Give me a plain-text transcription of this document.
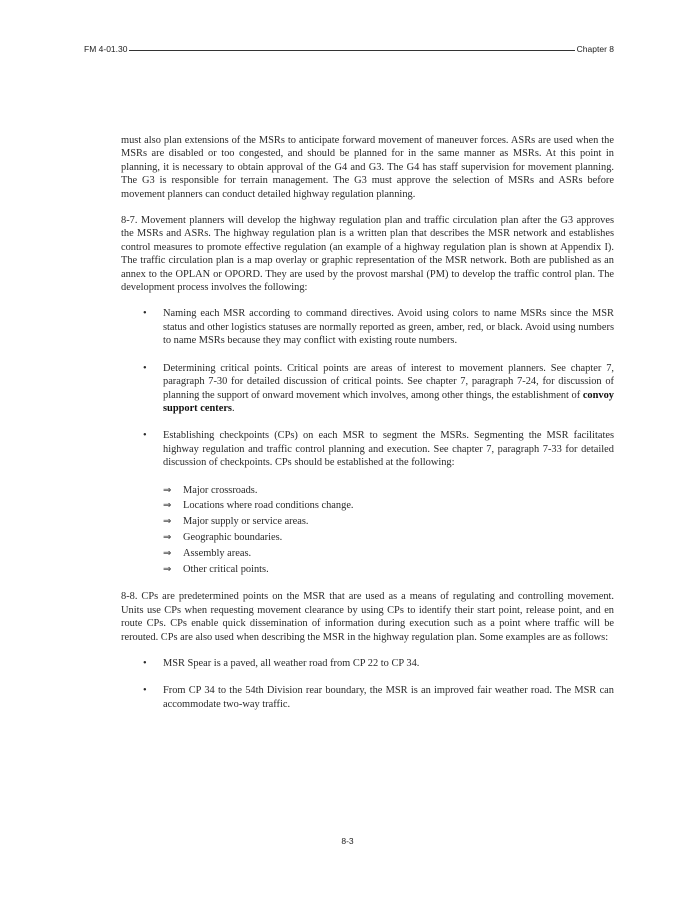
FM 4-01.30	Chapter 8

must also plan extensions of the MSRs to anticipate forward movement of maneuver forces. ASRs are used when the MSRs are disabled or too congested, and should be planned for in the same manner as MSRs. At this point in planning, it is necessary to obtain approval of the G4 and G3. The G4 has staff supervision for movement planning. The G3 is responsible for terrain management. The G3 must approve the selection of MSRs and ASRs before movement planners can conduct detailed highway regulation planning.

8-7. Movement planners will develop the highway regulation plan and traffic circulation plan after the G3 approves the MSRs and ASRs. The highway regulation plan is a written plan that describes the MSR network and establishes control measures to promote effective regulation (an example of a highway regulation plan is shown at Appendix I). The traffic circulation plan is a map overlay or graphic representation of the MSR network. Both are published as an annex to the OPLAN or OPORD. They are used by the provost marshal (PM) to develop the traffic control plan. The development process involves the following:

• Naming each MSR according to command directives. Avoid using colors to name MSRs since the MSR status and other logistics statuses are normally reported as green, amber, red, or black. Avoid using numbers to name MSRs because they may conflict with existing route numbers.
• Determining critical points. Critical points are areas of interest to movement planners. See chapter 7, paragraph 7-30 for detailed discussion of critical points. See chapter 7, paragraph 7-24, for discussion of planning the support of onward movement which involves, among other things, the establishment of convoy support centers.
• Establishing checkpoints (CPs) on each MSR to segment the MSRs. Segmenting the MSR facilitates highway regulation and traffic control planning and execution. See chapter 7, paragraph 7-33 for detailed discussion of checkpoints. CPs should be established at the following:
⇒	Major crossroads.
⇒	Locations where road conditions change.
⇒	Major supply or service areas.
⇒	Geographic boundaries.
⇒	Assembly areas.
⇒	Other critical points.

8-8. CPs are predetermined points on the MSR that are used as a means of regulating and controlling movement. Units use CPs when requesting movement clearance by using CPs to identify their start point, release point, and en route CPs. CPs enable quick dissemination of information during execution such as a point where traffic will be rerouted. CPs are also used when describing the MSR in the highway regulation plan. Some examples are as follows:

• MSR Spear is a paved, all weather road from CP 22 to CP 34.
• From CP 34 to the 54th Division rear boundary, the MSR is an improved fair weather road. The MSR can accommodate two-way traffic.
8-3
